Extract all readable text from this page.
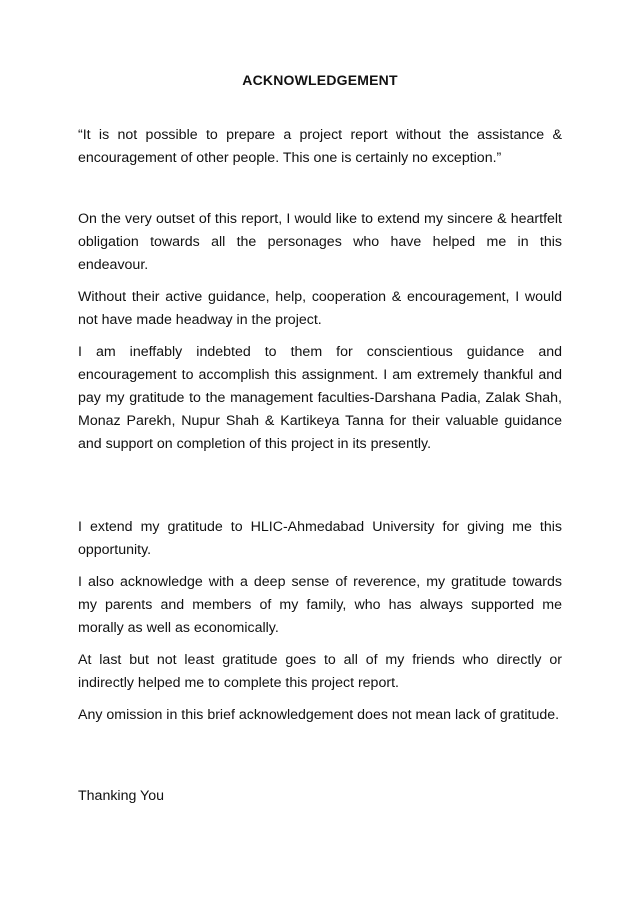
ACKNOWLEDGEMENT

“It is not possible to prepare a project report without the assistance & encouragement of other people. This one is certainly no exception.”

On the very outset of this report, I would like to extend my sincere & heartfelt obligation towards all the personages who have helped me in this endeavour.

Without their active guidance, help, cooperation & encouragement, I would not have made headway in the project.

I am ineffably indebted to them for conscientious guidance and encouragement to accomplish this assignment. I am extremely thankful and pay my gratitude to the management faculties-Darshana Padia, Zalak Shah, Monaz Parekh, Nupur Shah & Kartikeya Tanna for their valuable guidance and support on completion of this project in its presently.

I extend my gratitude to HLIC-Ahmedabad University for giving me this opportunity.

I also acknowledge with a deep sense of reverence, my gratitude towards my parents and members of my family, who has always supported me morally as well as economically.

At last but not least gratitude goes to all of my friends who directly or indirectly helped me to complete this project report.

Any omission in this brief acknowledgement does not mean lack of gratitude.

Thanking You
